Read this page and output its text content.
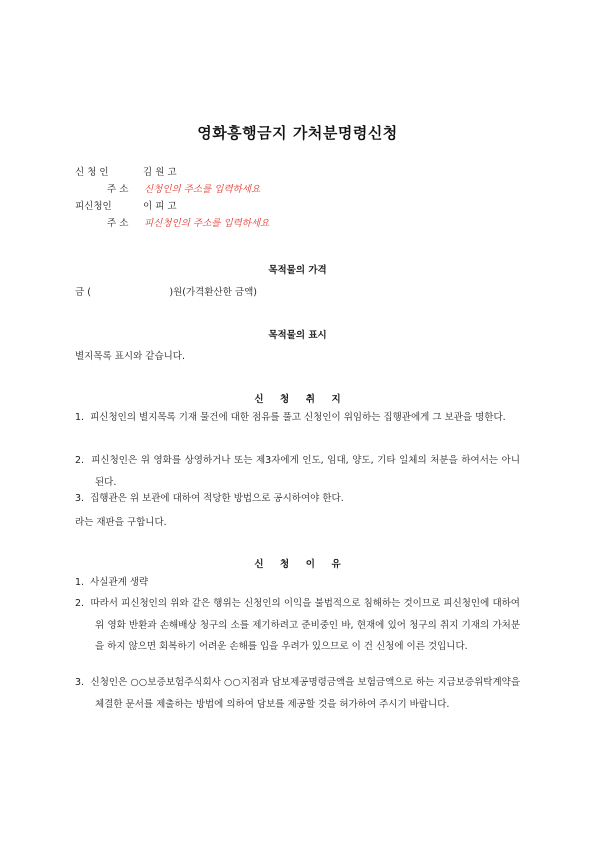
영화흥행금지 가처분명령신청
신 청 인	김 원 고
주 소 신청인의 주소를 입력하세요
피신청인	이 피 고
주 소 피신청인의 주소를 입력하세요
목적물의 가격
금 (                          )원(가격환산한 금액)
목적물의 표시
별지목록 표시와 같습니다.
신     청     취     지
1. 피신청인의 별지목록 기재 물건에 대한 점유를 풀고 신청인이 위임하는 집행관에게 그 보관을 명한다.
2. 피신청인은 위 영화를 상영하거나 또는 제3자에게 인도, 임대, 양도, 기타 일체의 처분을 하여서는 아니된다.
3. 집행관은 위 보관에 대하여 적당한 방법으로 공시하여야 한다.
라는 재판을 구합니다.
신     청     이     유
1. 사실관계 생략
2. 따라서 피신청인의 위와 같은 행위는 신청인의 이익을 불법적으로 침해하는 것이므로 피신청인에 대하여 위 영화 반환과 손해배상 청구의 소를 제기하려고 준비중인 바, 현재에 있어 청구의 취지 기재의 가처분을 하지 않으면 회복하기 어려운 손해를 입을 우려가 있으므로 이 건 신청에 이른 것입니다.
3. 신청인은 ○○보증보험주식회사 ○○지점과 담보제공명령금액을 보험금액으로 하는 지급보증위탁계약을 체결한 문서를 제출하는 방법에 의하여 담보를 제공할 것을 허가하여 주시기 바랍니다.
